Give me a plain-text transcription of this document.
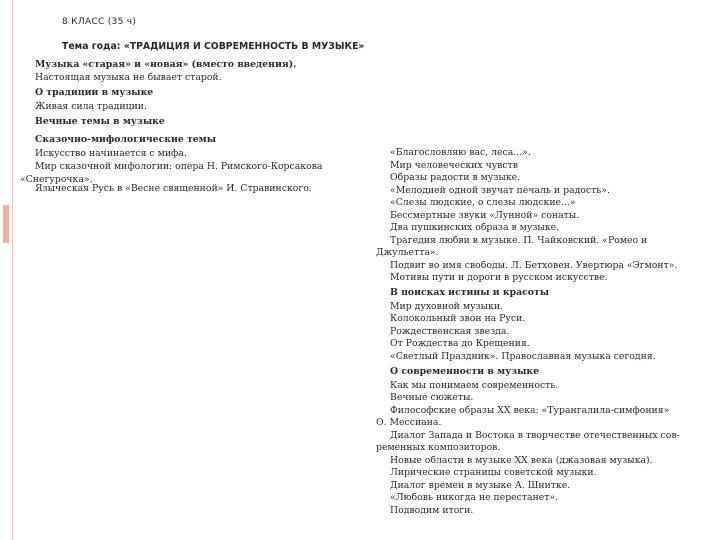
8 КЛАСС (35 ч)
Тема года: «ТРАДИЦИЯ И СОВРЕМЕННОСТЬ В МУЗЫКЕ»
Музыка «старая» и «новая» (вместо введения).
Настоящая музыка не бывает старой.
О традиции в музыке
Живая сила традиции.
Вечные темы в музыке
Сказочно-мифологические темы
Искусство начинается с мифа.
Мир сказочной мифологии: опера Н. Римского-Корсакова
«Снегурочка».
Языческая Русь в «Весне священной» И. Стравинского.
«Благословляю вас, леса...».
Мир человеческих чувств
Образы радости в музыке.
«Мелодией одной звучат печаль и радость».
«Слезы людские, о слезы людские...»
Бессмертные звуки «Лунной» сонаты.
Два пушкинских образа в музыке.
Трагедия любви в музыке. П. Чайковский. «Ромео и
Джульетта».
Подвиг во имя свободы. Л. Бетховен. Увертюра «Эгмонт».
Мотивы пути и дороги в русском искусстве.
В поисках истины и красоты
Мир духовной музыки.
Колокольный звон на Руси.
Рождественская звезда.
От Рождества до Крещения.
«Светлый Праздник». Православная музыка сегодня.
О современности в музыке
Как мы понимаем современность.
Вечные сюжеты.
Философские образы XX века: «Турангалила-симфония»
О. Мессиана.
Диалог Запада и Востока в творчестве отечественных сов-
ременных композиторов.
Новые области в музыке XX века (джазовая музыка).
Лирические страницы советской музыки.
Диалог времен в музыке А. Шнитке.
«Любовь никогда не перестанет».
Подводим итоги.
